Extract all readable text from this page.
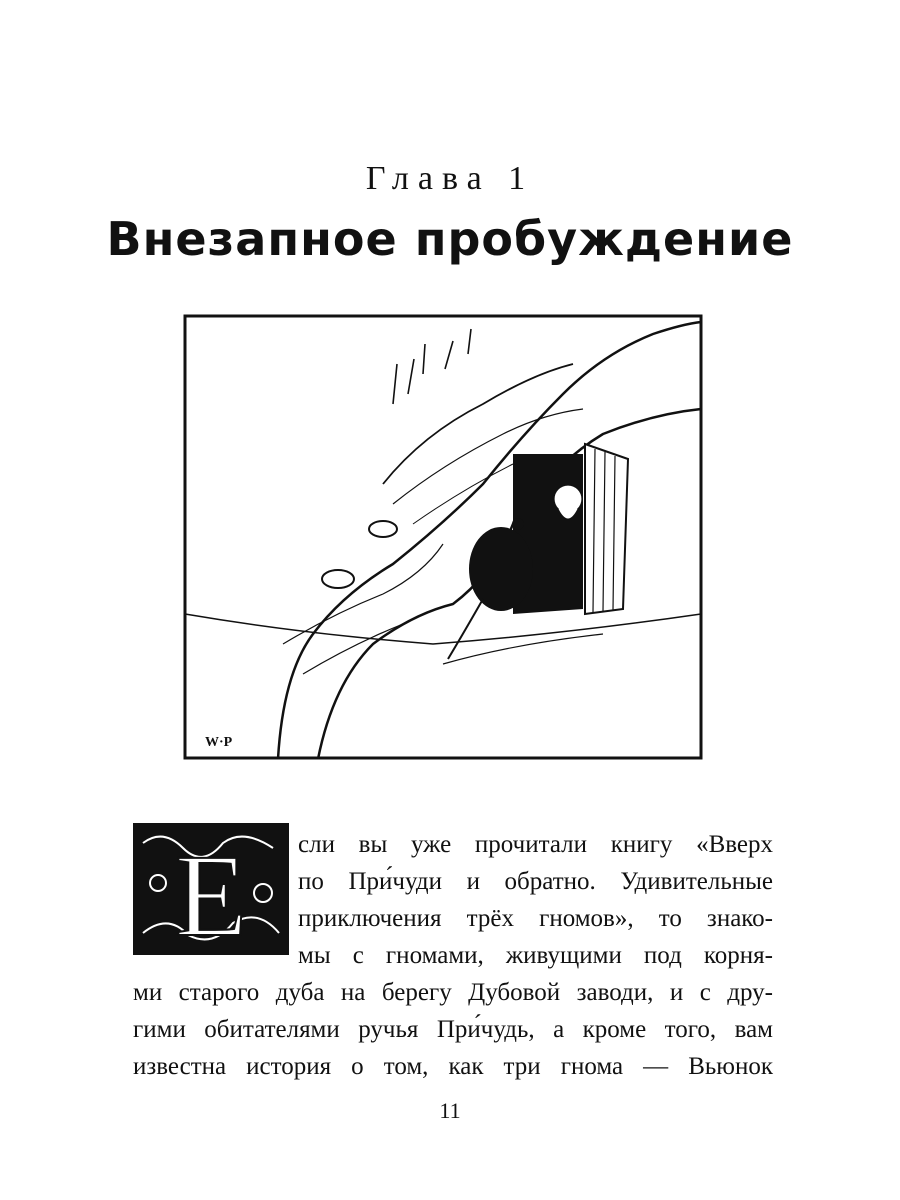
Глава 1
Внезапное пробуждение
W·P
Е	сли вы уже прочитали книгу «Вверх
по При́чуди и обратно. Удивительные
приключения трёх гномов», то знако-
мы с гномами, живущими под корня-
ми старого дуба на берегу Дубовой заводи, и с дру-
гими обитателями ручья При́чудь, а кроме того, вам
известна история о том, как три гнома — Вьюнок
11
